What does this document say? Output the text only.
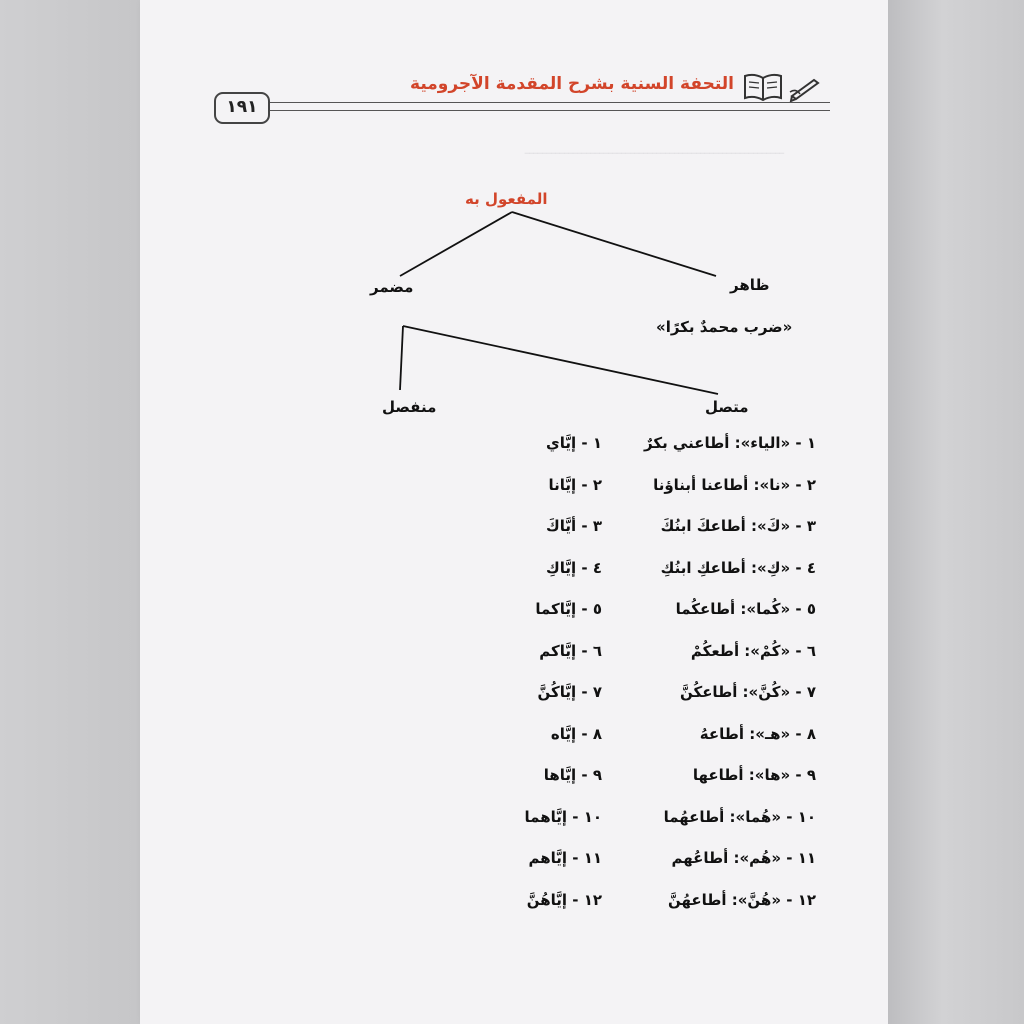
ـــــــــــــــــــــــــــــــــــــــــــــــــــــــــــ
التحفة السنية بشرح المقدمة الآجرومية
١٩١
المفعول به
مضمر	ظاهر
«ضرب محمدٌ بكرًا»
منفصل	متصل
١ - «الياء»: أطاعني بكرٌ
٢ - «نا»: أطاعنا أبناؤنا
٣ - «كَ»: أطاعكَ ابنُكَ
٤ - «كِ»: أطاعكِ ابنُكِ
٥ - «كُما»: أطاعكُما
٦ - «كُمْ»: أطعكُمْ
٧ - «كُنَّ»: أطاعكُنَّ
٨ - «هـ»: أطاعهُ
٩ - «ها»: أطاعها
١٠ - «هُما»: أطاعهُما
١١ - «هُم»: أطاعُهم
١٢ - «هُنَّ»: أطاعهُنَّ
١ - إيَّاي
٢ - إيَّانا
٣ - أيَّاكَ
٤ - إيَّاكِ
٥ - إيَّاكما
٦ - إيَّاكم
٧ - إيَّاكُنَّ
٨ - إيَّاه
٩ - إيَّاها
١٠ - إيَّاهما
١١ - إيَّاهم
١٢ - إيَّاهُنَّ
